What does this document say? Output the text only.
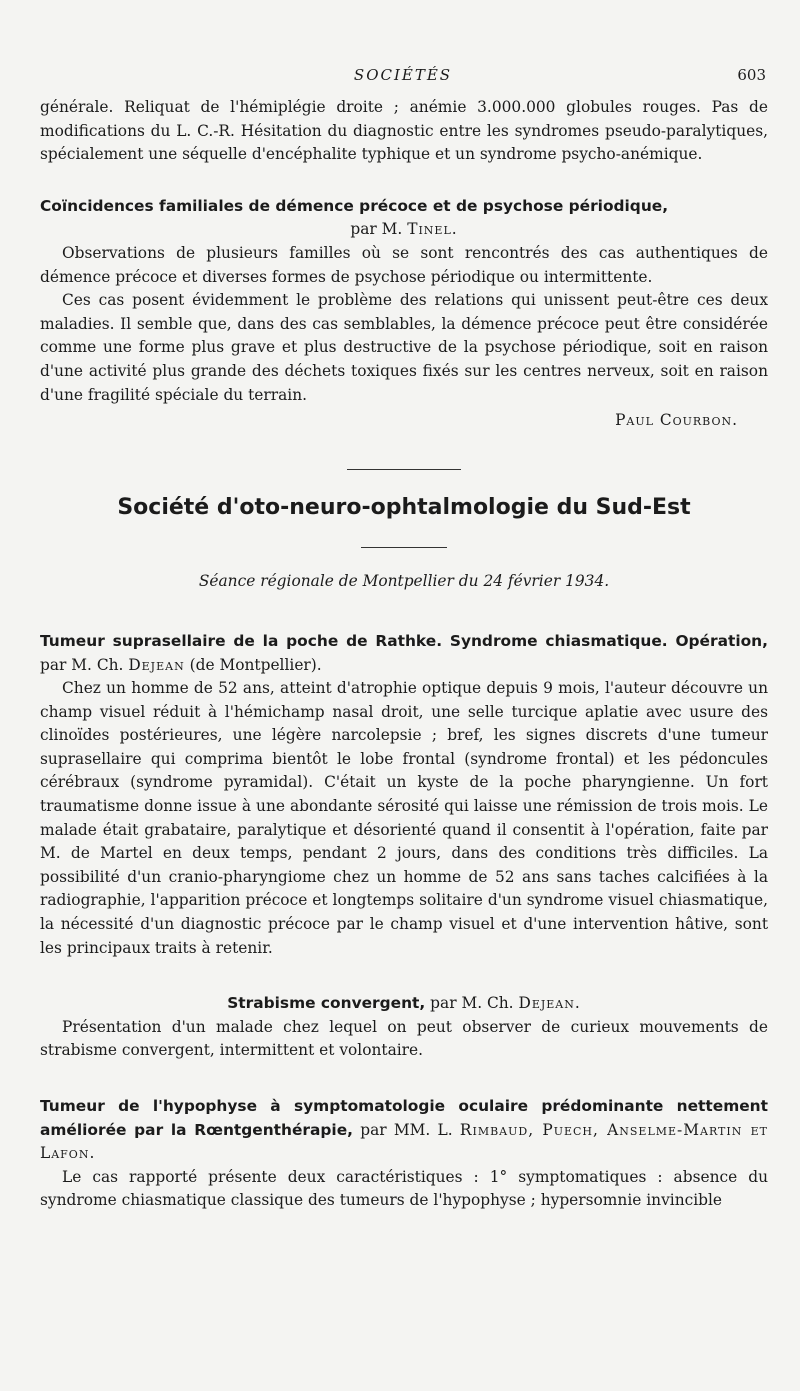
SOCIÉTÉS	603

générale. Reliquat de l'hémiplégie droite ; anémie 3.000.000 globules rouges. Pas de modifications du L. C.-R. Hésitation du diagnostic entre les syndromes pseudo-paralytiques, spécialement une séquelle d'encéphalite typhique et un syndrome psycho-anémique.

Coïncidences familiales de démence précoce et de psychose périodique,

par M. Tinel.

Observations de plusieurs familles où se sont rencontrés des cas authentiques de démence précoce et diverses formes de psychose périodique ou intermittente.

Ces cas posent évidemment le problème des relations qui unissent peut-être ces deux maladies. Il semble que, dans des cas semblables, la démence précoce peut être considérée comme une forme plus grave et plus destructive de la psychose périodique, soit en raison d'une activité plus grande des déchets toxiques fixés sur les centres nerveux, soit en raison d'une fragilité spéciale du terrain.

Paul Courbon.

Société d'oto-neuro-ophtalmologie du Sud-Est

Séance régionale de Montpellier du 24 février 1934.

Tumeur suprasellaire de la poche de Rathke. Syndrome chiasmatique. Opération, par M. Ch. Dejean (de Montpellier).

Chez un homme de 52 ans, atteint d'atrophie optique depuis 9 mois, l'auteur découvre un champ visuel réduit à l'hémichamp nasal droit, une selle turcique aplatie avec usure des clinoïdes postérieures, une légère narcolepsie ; bref, les signes discrets d'une tumeur suprasellaire qui comprima bientôt le lobe frontal (syndrome frontal) et les pédoncules cérébraux (syndrome pyramidal). C'était un kyste de la poche pharyngienne. Un fort traumatisme donne issue à une abondante sérosité qui laisse une rémission de trois mois. Le malade était grabataire, paralytique et désorienté quand il consentit à l'opération, faite par M. de Martel en deux temps, pendant 2 jours, dans des conditions très difficiles. La possibilité d'un cranio-pharyngiome chez un homme de 52 ans sans taches calcifiées à la radiographie, l'apparition précoce et longtemps solitaire d'un syndrome visuel chiasmatique, la nécessité d'un diagnostic précoce par le champ visuel et d'une intervention hâtive, sont les principaux traits à retenir.

Strabisme convergent, par M. Ch. Dejean.

Présentation d'un malade chez lequel on peut observer de curieux mouvements de strabisme convergent, intermittent et volontaire.

Tumeur de l'hypophyse à symptomatologie oculaire prédominante nettement améliorée par la Rœntgenthérapie, par MM. L. Rimbaud, Puech, Anselme-Martin et Lafon.

Le cas rapporté présente deux caractéristiques : 1° symptomatiques : absence du syndrome chiasmatique classique des tumeurs de l'hypophyse ; hypersomnie invincible
